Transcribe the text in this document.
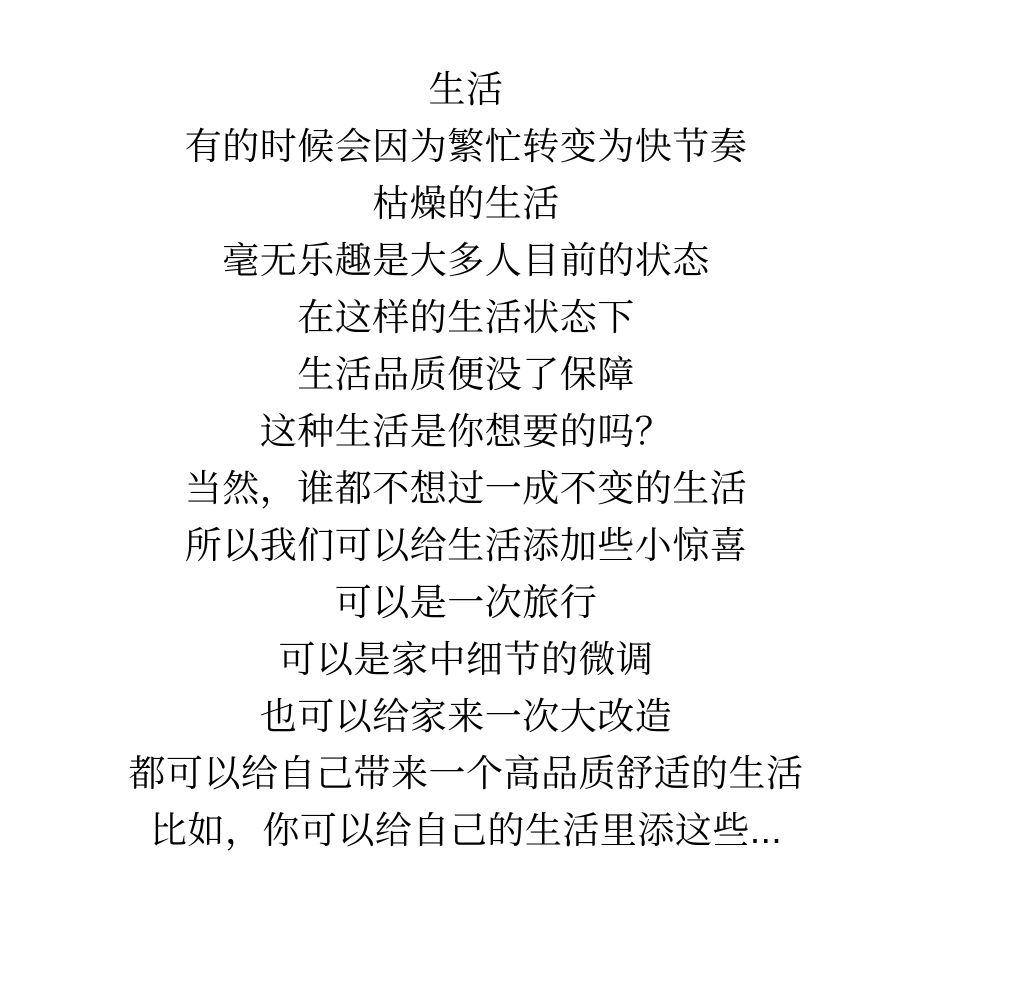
生活
有的时候会因为繁忙转变为快节奏
枯燥的生活
毫无乐趣是大多人目前的状态
在这样的生活状态下
生活品质便没了保障
这种生活是你想要的吗？
当然，谁都不想过一成不变的生活
所以我们可以给生活添加些小惊喜
可以是一次旅行
可以是家中细节的微调
也可以给家来一次大改造
都可以给自己带来一个高品质舒适的生活
比如，你可以给自己的生活里添这些...
